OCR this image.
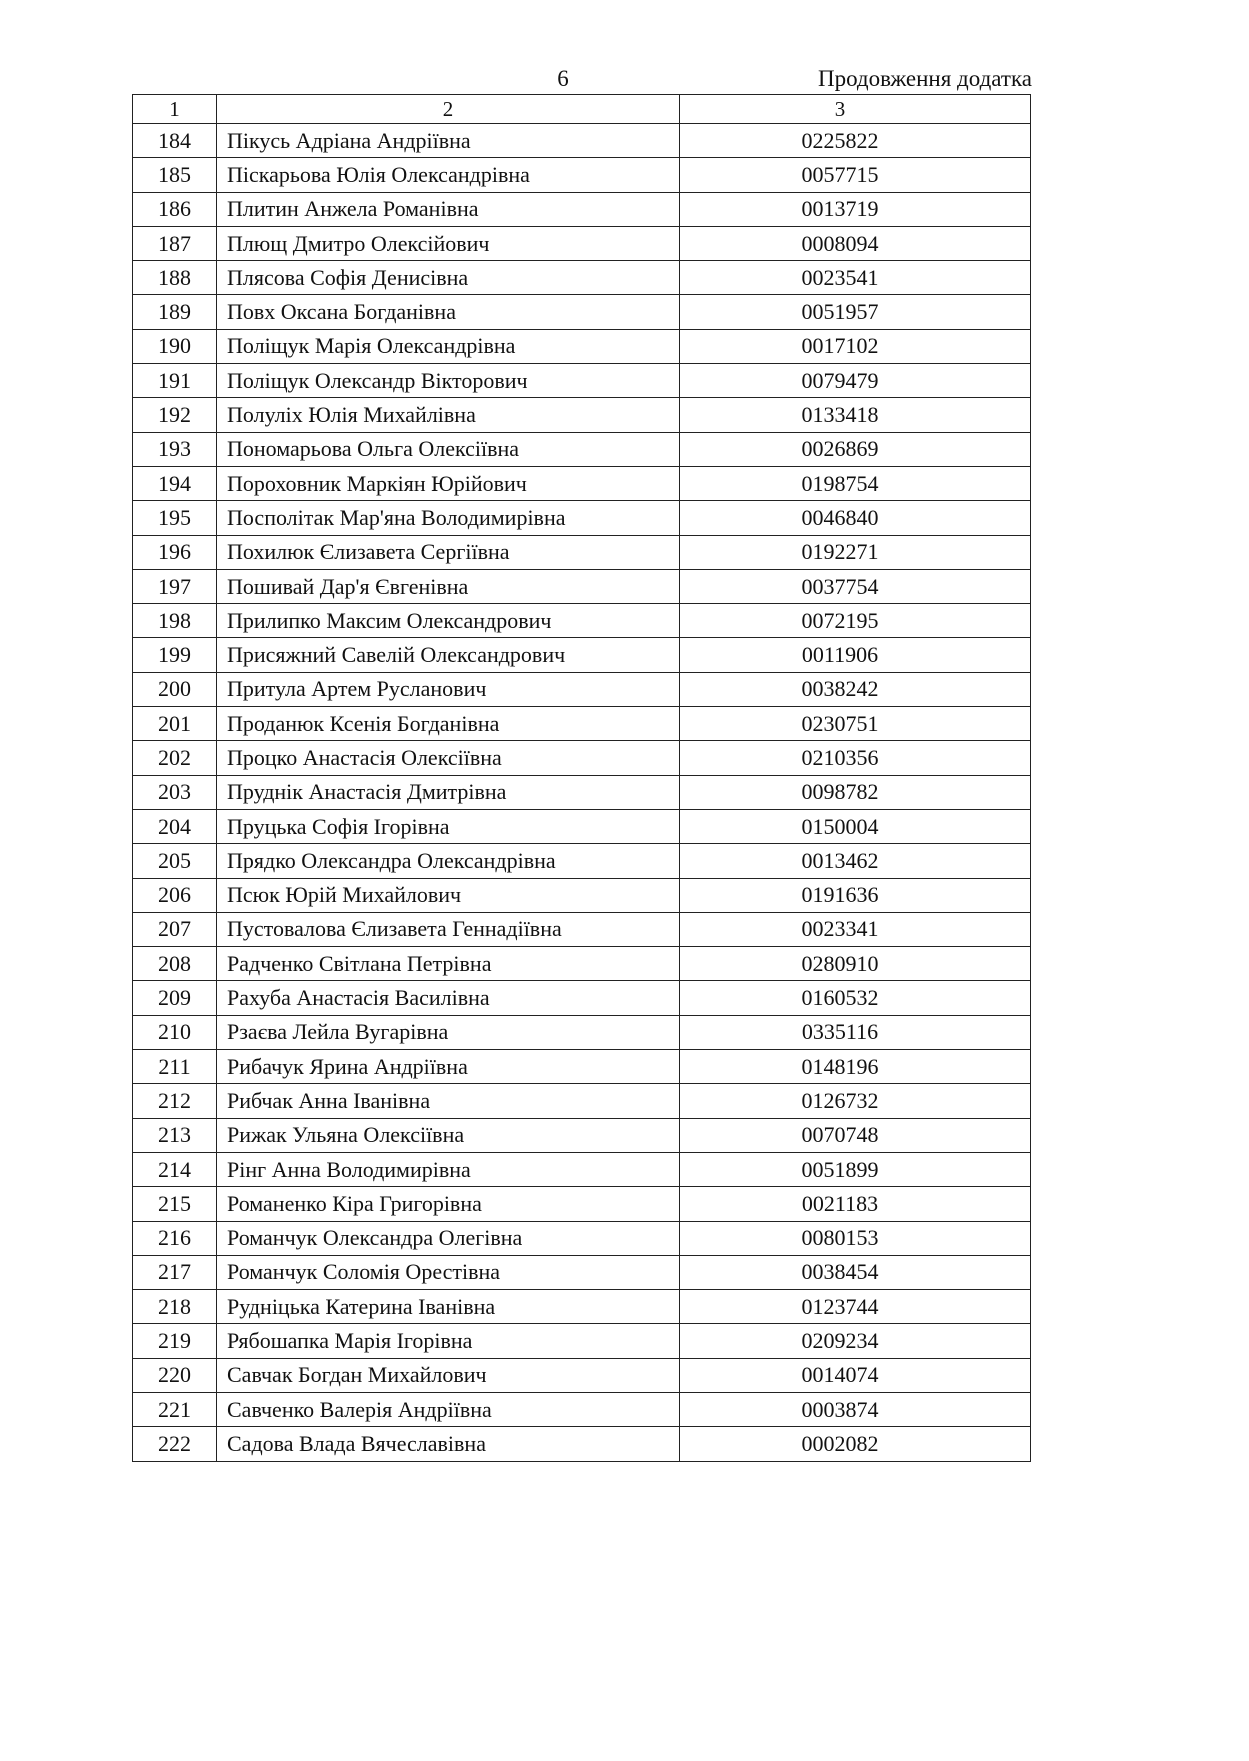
6	Продовження додатка
1	2	3
184	Пікусь Адріана Андріївна	0225822
185	Піскарьова Юлія Олександрівна	0057715
186	Плитин Анжела Романівна	0013719
187	Плющ Дмитро Олексійович	0008094
188	Плясова Софія Денисівна	0023541
189	Повх Оксана Богданівна	0051957
190	Поліщук Марія Олександрівна	0017102
191	Поліщук Олександр Вікторович	0079479
192	Полуліх Юлія Михайлівна	0133418
193	Пономарьова Ольга Олексіївна	0026869
194	Пороховник Маркіян Юрійович	0198754
195	Посполітак Мар'яна Володимирівна	0046840
196	Похилюк Єлизавета Сергіївна	0192271
197	Пошивай Дар'я Євгенівна	0037754
198	Прилипко Максим Олександрович	0072195
199	Присяжний Савелій Олександрович	0011906
200	Притула Артем Русланович	0038242
201	Проданюк Ксенія Богданівна	0230751
202	Процко Анастасія Олексіївна	0210356
203	Пруднік Анастасія Дмитрівна	0098782
204	Пруцька Софія Ігорівна	0150004
205	Прядко Олександра Олександрівна	0013462
206	Псюк Юрій Михайлович	0191636
207	Пустовалова Єлизавета Геннадіївна	0023341
208	Радченко Світлана Петрівна	0280910
209	Рахуба Анастасія Василівна	0160532
210	Рзаєва Лейла Вугарівна	0335116
211	Рибачук Ярина Андріївна	0148196
212	Рибчак Анна Іванівна	0126732
213	Рижак Ульяна Олексіївна	0070748
214	Рінг Анна Володимирівна	0051899
215	Романенко Кіра Григорівна	0021183
216	Романчук Олександра Олегівна	0080153
217	Романчук Соломія Орестівна	0038454
218	Рудніцька Катерина Іванівна	0123744
219	Рябошапка Марія Ігорівна	0209234
220	Савчак Богдан Михайлович	0014074
221	Савченко Валерія Андріївна	0003874
222	Садова Влада Вячеславівна	0002082
